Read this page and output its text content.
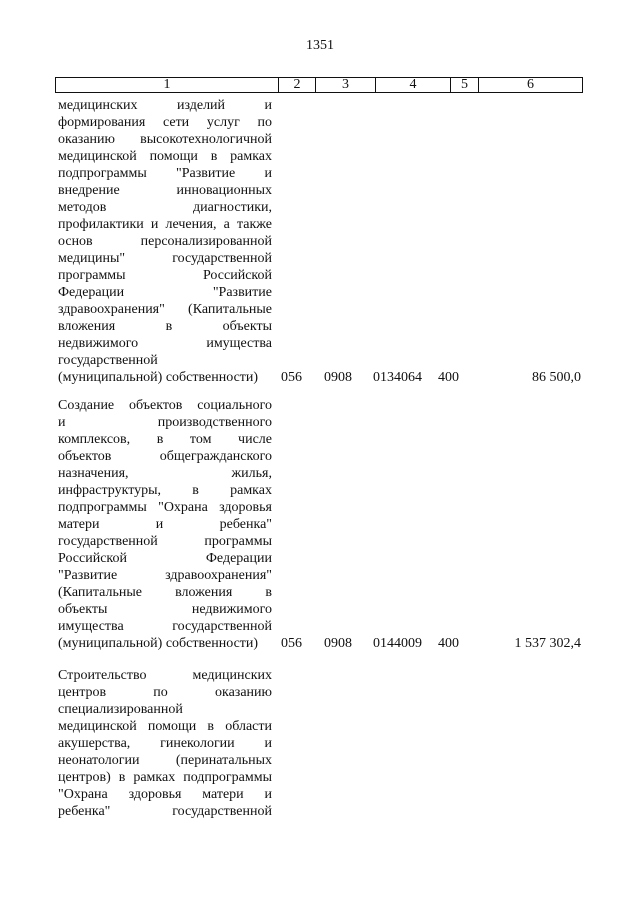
1351
1	2	3	4	5	6
медицинских изделий и
формирования сети услуг по
оказанию высокотехнологичной
медицинской помощи в рамках
подпрограммы "Развитие и
внедрение инновационных
методов диагностики,
профилактики и лечения, а также
основ персонализированной
медицины" государственной
программы Российской
Федерации "Развитие
здравоохранения" (Капитальные
вложения в объекты
недвижимого имущества
государственной
(муниципальной) собственности)	056 0908 0134064 400	86 500,0
Создание объектов социального
и производственного
комплексов, в том числе
объектов общегражданского
назначения, жилья,
инфраструктуры, в рамках
подпрограммы "Охрана здоровья
матери и ребенка"
государственной программы
Российской Федерации
"Развитие здравоохранения"
(Капитальные вложения в
объекты недвижимого
имущества государственной
(муниципальной) собственности)	056 0908 0144009 400	1 537 302,4
Строительство медицинских
центров по оказанию
специализированной
медицинской помощи в области
акушерства, гинекологии и
неонатологии (перинатальных
центров) в рамках подпрограммы
"Охрана здоровья матери и
ребенка" государственной
